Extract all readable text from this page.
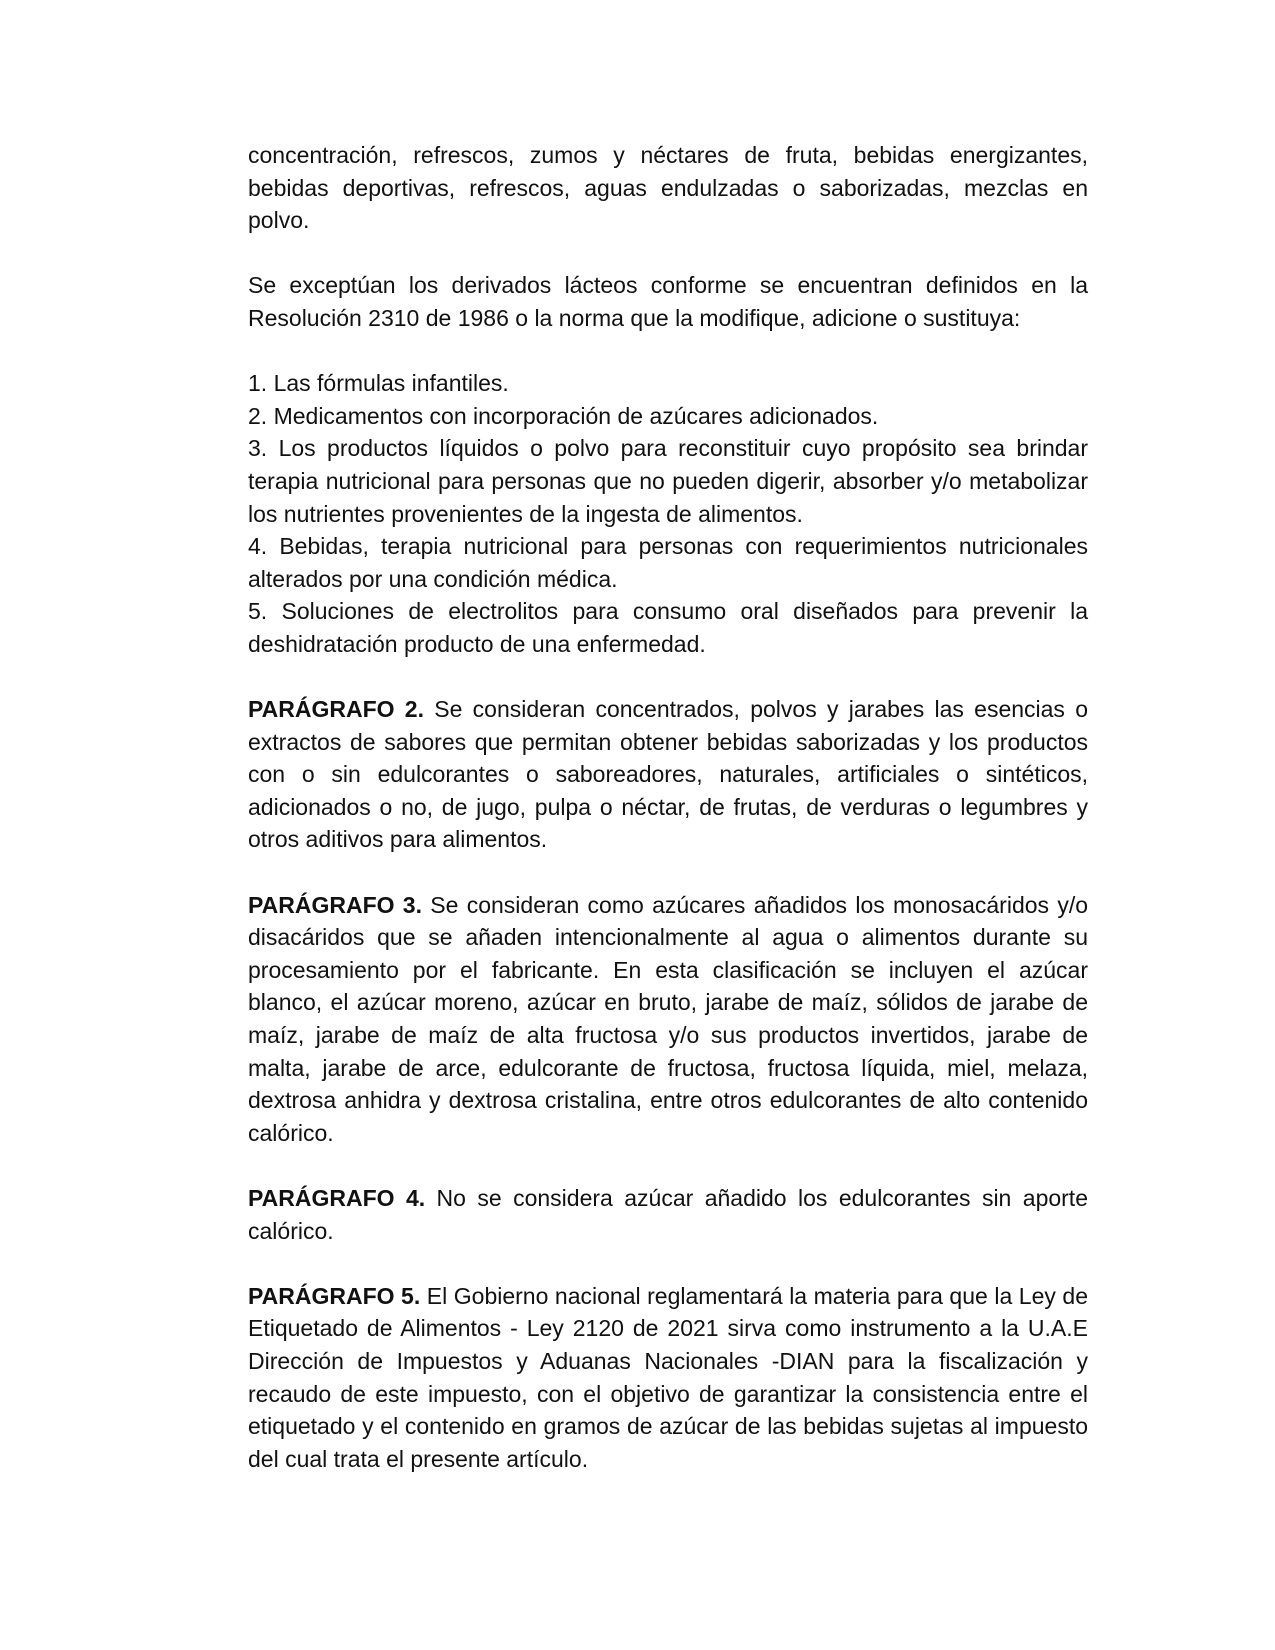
concentración, refrescos, zumos y néctares de fruta, bebidas energizantes, bebidas deportivas, refrescos, aguas endulzadas o saborizadas, mezclas en polvo.

Se exceptúan los derivados lácteos conforme se encuentran definidos en la Resolución 2310 de 1986 o la norma que la modifique, adicione o sustituya:

1. Las fórmulas infantiles.

2. Medicamentos con incorporación de azúcares adicionados.

3. Los productos líquidos o polvo para reconstituir cuyo propósito sea brindar terapia nutricional para personas que no pueden digerir, absorber y/o metabolizar los nutrientes provenientes de la ingesta de alimentos.

4. Bebidas, terapia nutricional para personas con requerimientos nutricionales alterados por una condición médica.

5. Soluciones de electrolitos para consumo oral diseñados para prevenir la deshidratación producto de una enfermedad.

PARÁGRAFO 2. Se consideran concentrados, polvos y jarabes las esencias o extractos de sabores que permitan obtener bebidas saborizadas y los productos con o sin edulcorantes o saboreadores, naturales, artificiales o sintéticos, adicionados o no, de jugo, pulpa o néctar, de frutas, de verduras o legumbres y otros aditivos para alimentos.

PARÁGRAFO 3. Se consideran como azúcares añadidos los monosacáridos y/o disacáridos que se añaden intencionalmente al agua o alimentos durante su procesamiento por el fabricante. En esta clasificación se incluyen el azúcar blanco, el azúcar moreno, azúcar en bruto, jarabe de maíz, sólidos de jarabe de maíz, jarabe de maíz de alta fructosa y/o sus productos invertidos, jarabe de malta, jarabe de arce, edulcorante de fructosa, fructosa líquida, miel, melaza, dextrosa anhidra y dextrosa cristalina, entre otros edulcorantes de alto contenido calórico.

PARÁGRAFO 4. No se considera azúcar añadido los edulcorantes sin aporte calórico.

PARÁGRAFO 5. El Gobierno nacional reglamentará la materia para que la Ley de Etiquetado de Alimentos - Ley 2120 de 2021 sirva como instrumento a la U.A.E Dirección de Impuestos y Aduanas Nacionales -DIAN para la fiscalización y recaudo de este impuesto, con el objetivo de garantizar la consistencia entre el etiquetado y el contenido en gramos de azúcar de las bebidas sujetas al impuesto del cual trata el presente artículo.
